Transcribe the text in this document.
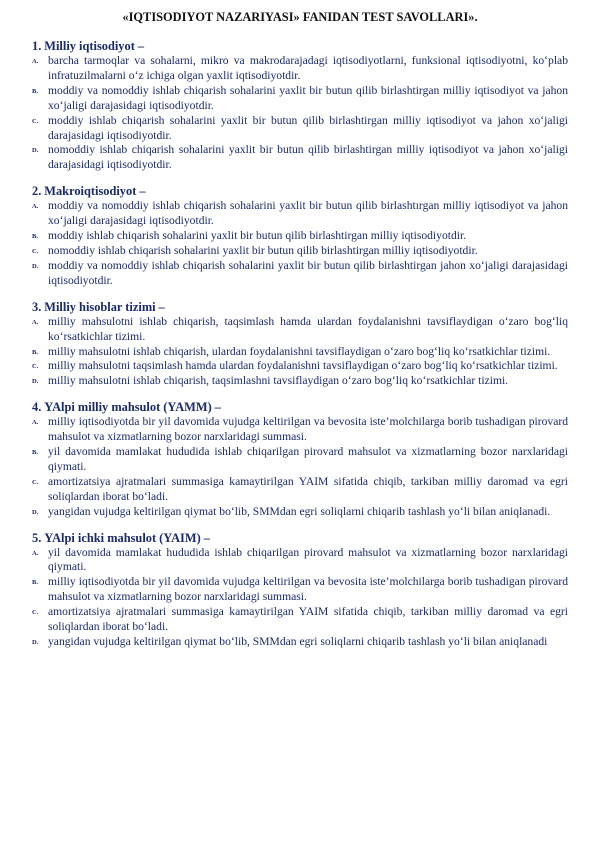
«IQTISODIYOT NAZARIYASI» FANIDAN TEST SAVOLLARI».

1. Milliy iqtisodiyot –

A. barcha tarmoqlar va sohalarni, mikro va makrodarajadagi iqtisodiyotlarni, funksional iqtisodiyotni, ko‘plab infratuzilmalarni o‘z ichiga olgan yaxlit iqtisodiyotdir.
B. moddiy va nomoddiy ishlab chiqarish sohalarini yaxlit bir butun qilib birlashtirgan milliy iqtisodiyot va jahon xo‘jaligi darajasidagi iqtisodiyotdir.
C. moddiy ishlab chiqarish sohalarini yaxlit bir butun qilib birlashtirgan milliy iqtisodiyot va jahon xo‘jaligi darajasidagi iqtisodiyotdir.
D. nomoddiy ishlab chiqarish sohalarini yaxlit bir butun qilib birlashtirgan milliy iqtisodiyot va jahon xo‘jaligi darajasidagi iqtisodiyotdir.

2. Makroiqtisodiyot –

A. moddiy va nomoddiy ishlab chiqarish sohalarini yaxlit bir butun qilib birlashtırgan milliy iqtisodiyot va jahon xo‘jaligi darajasidagi iqtisodiyotdir.
B. moddiy ishlab chiqarish sohalarini yaxlit bir butun qilib birlashtirgan milliy iqtisodiyotdir.
C. nomoddiy ishlab chiqarish sohalarini yaxlit bir butun qilib birlashtirgan milliy iqtisodiyotdir.
D. moddiy va nomoddiy ishlab chiqarish sohalarini yaxlit bir butun qilib birlashtirgan jahon xo‘jaligi darajasidagi iqtisodiyotdir.

3. Milliy hisoblar tizimi –

A. milliy mahsulotni ishlab chiqarish, taqsimlash hamda ulardan foydalanishni tavsiflaydigan o‘zaro bog‘liq ko‘rsatkichlar tizimi.
B. milliy mahsulotni ishlab chiqarish, ulardan foydalanishni tavsiflaydigan o‘zaro bog‘liq ko‘rsatkichlar tizimi.
C. milliy mahsulotni taqsimlash hamda ulardan foydalanishni tavsiflaydigan o‘zaro bog‘liq ko‘rsatkichlar tizimi.
D. milliy mahsulotni ishlab chiqarish, taqsimlashni tavsiflaydigan o‘zaro bog‘liq ko‘rsatkichlar tizimi.

4. YAlpi milliy mahsulot (YAMM) –

A. milliy iqtisodiyotda bir yil davomida vujudga keltirilgan va bevosita iste’molchilarga borib tushadigan pirovard mahsulot va xizmatlarning bozor narxlaridagi summasi.
B. yil davomida mamlakat hududida ishlab chiqarilgan pirovard mahsulot va xizmatlarning bozor narxlaridagi qiymati.
C. amortizatsiya ajratmalari summasiga kamaytirilgan YAIM sifatida chiqib, tarkiban milliy daromad va egri soliqlardan iborat bo‘ladi.
D. yangidan vujudga keltirilgan qiymat bo‘lib, SMMdan egri soliqlarni chiqarib tashlash yo‘li bilan aniqlanadi.

5. YAlpi ichki mahsulot (YAIM) –

A. yil davomida mamlakat hududida ishlab chiqarilgan pirovard mahsulot va xizmatlarning bozor narxlaridagi qiymati.
B. milliy iqtisodiyotda bir yil davomida vujudga keltirilgan va bevosita iste’molchilarga borib tushadigan pirovard mahsulot va xizmatlarning bozor narxlaridagi summasi.
C. amortizatsiya ajratmalari summasiga kamaytirilgan YAIM sifatida chiqib, tarkiban milliy daromad va egri soliqlardan iborat bo‘ladi.
D. yangidan vujudga keltirilgan qiymat bo‘lib, SMMdan egri soliqlarni chiqarib tashlash yo‘li bilan aniqlanadi
